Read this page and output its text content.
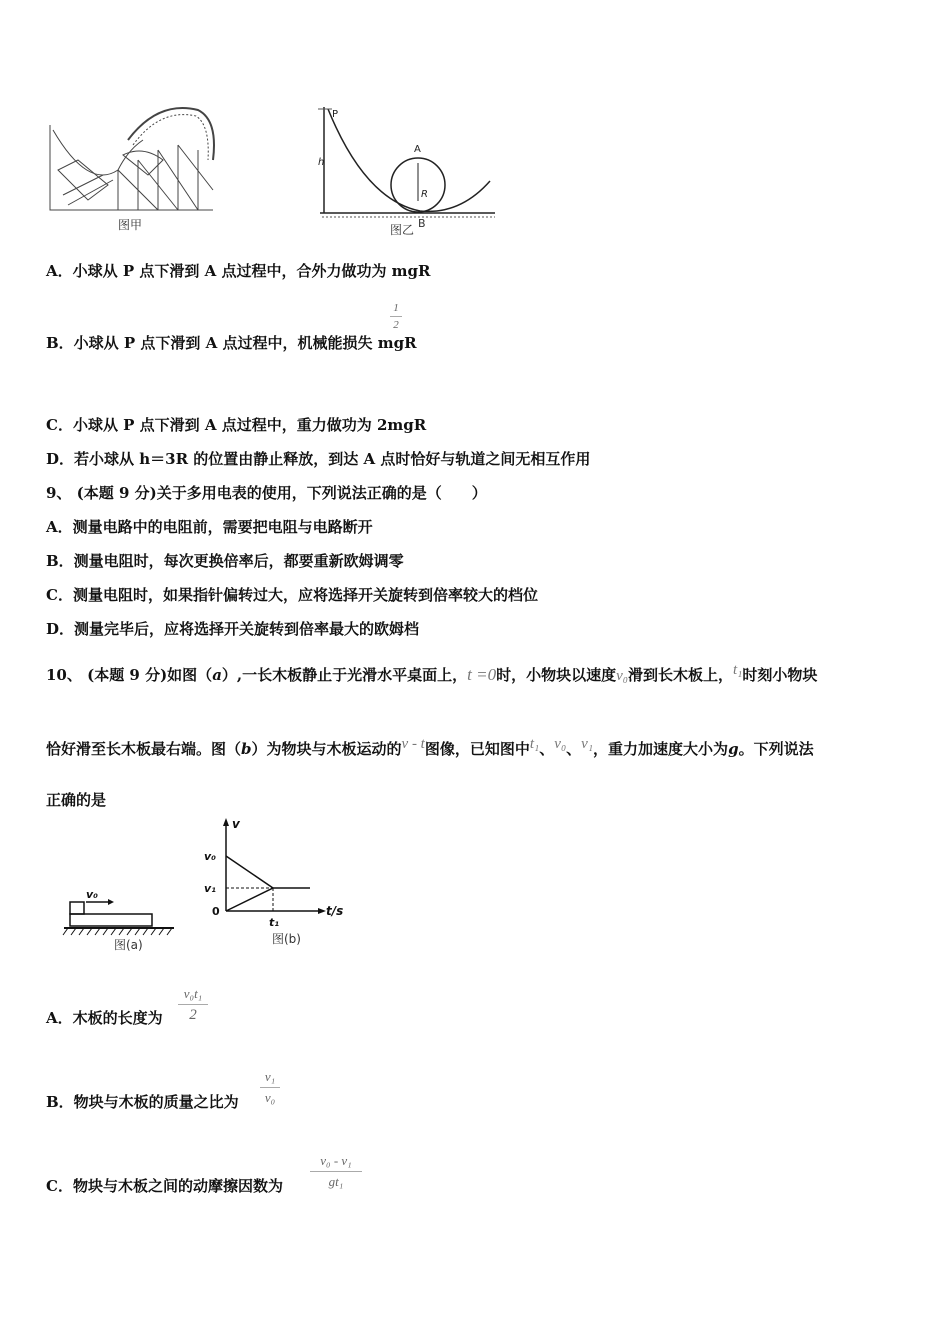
图甲
P
h
A
R
图乙 B
A．小球从 P 点下滑到 A 点过程中，合外力做功为 mgR
1
2
B．小球从 P 点下滑到 A 点过程中，机械能损失 mgR
C．小球从 P 点下滑到 A 点过程中，重力做功为 2mgR
D．若小球从 h＝3R 的位置由静止释放，到达 A 点时恰好与轨道之间无相互作用
9、 (本题 9 分)关于多用电表的使用，下列说法正确的是（　　）
A．测量电路中的电阻前，需要把电阻与电路断开
B．测量电阻时，每次更换倍率后，都要重新欧姆调零
C．测量电阻时，如果指针偏转过大，应将选择开关旋转到倍率较大的档位
D．测量完毕后，应将选择开关旋转到倍率最大的欧姆档
10、 (本题 9 分)如图（a）,一长木板静止于光滑水平桌面上，t =0时，小物块以速度v₀滑到长木板上，t₁时刻小物块
恰好滑至长木板最右端。图（b）为物块与木板运动的v - t图像，已知图中t₁、v₀、v₁，重力加速度大小为g。下列说法
正确的是
v₀
图(a)
v
t/s
v₀
v₁
0
t₁
图(b)
A．木板的长度为
v₀t₁
2
B．物块与木板的质量之比为
v₁
v₀
C．物块与木板之间的动摩擦因数为
v₀ - v₁
gt₁
